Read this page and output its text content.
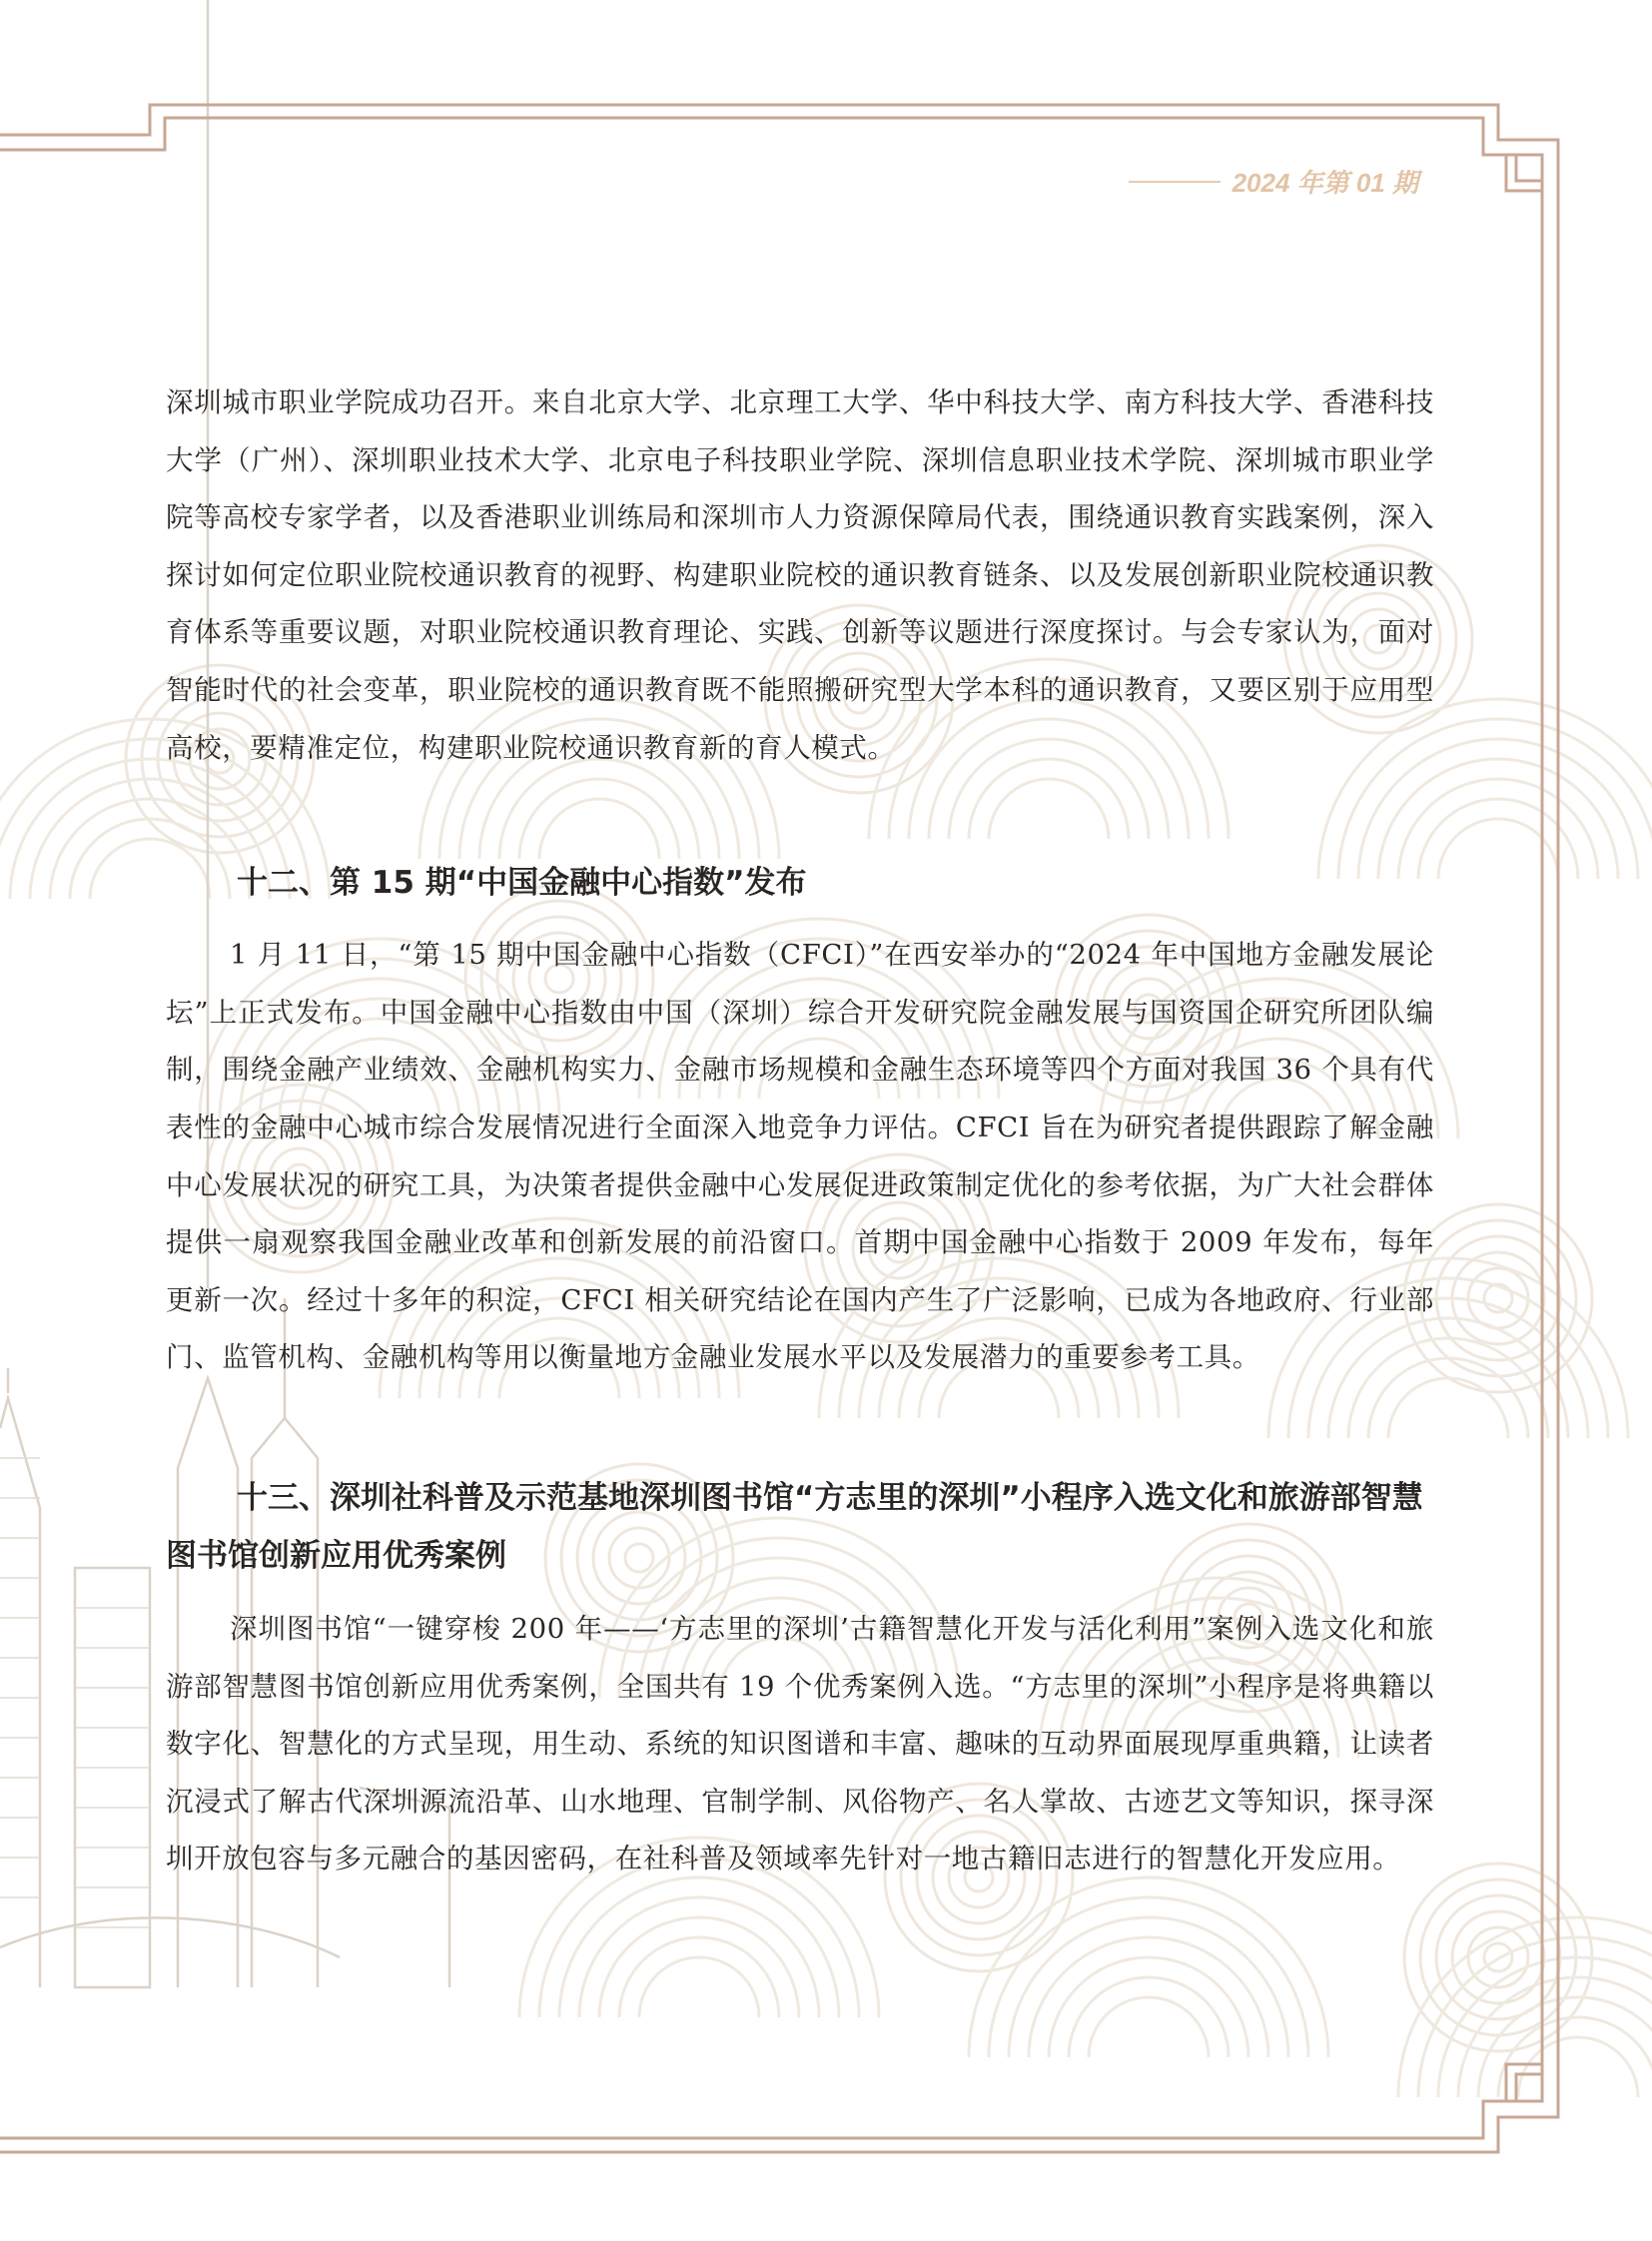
2024 年第 01 期

深圳城市职业学院成功召开。来自北京大学、北京理工大学、华中科技大学、南方科技大学、香港科技大学（广州）、深圳职业技术大学、北京电子科技职业学院、深圳信息职业技术学院、深圳城市职业学院等高校专家学者，以及香港职业训练局和深圳市人力资源保障局代表，围绕通识教育实践案例，深入探讨如何定位职业院校通识教育的视野、构建职业院校的通识教育链条、以及发展创新职业院校通识教育体系等重要议题，对职业院校通识教育理论、实践、创新等议题进行深度探讨。与会专家认为，面对智能时代的社会变革，职业院校的通识教育既不能照搬研究型大学本科的通识教育，又要区别于应用型高校，要精准定位，构建职业院校通识教育新的育人模式。

十二、第 15 期“中国金融中心指数”发布

1 月 11 日，“第 15 期中国金融中心指数（CFCI）”在西安举办的“2024 年中国地方金融发展论坛”上正式发布。中国金融中心指数由中国（深圳）综合开发研究院金融发展与国资国企研究所团队编制，围绕金融产业绩效、金融机构实力、金融市场规模和金融生态环境等四个方面对我国 36 个具有代表性的金融中心城市综合发展情况进行全面深入地竞争力评估。CFCI 旨在为研究者提供跟踪了解金融中心发展状况的研究工具，为决策者提供金融中心发展促进政策制定优化的参考依据，为广大社会群体提供一扇观察我国金融业改革和创新发展的前沿窗口。首期中国金融中心指数于 2009 年发布，每年更新一次。经过十多年的积淀，CFCI 相关研究结论在国内产生了广泛影响，已成为各地政府、行业部门、监管机构、金融机构等用以衡量地方金融业发展水平以及发展潜力的重要参考工具。

十三、深圳社科普及示范基地深圳图书馆“方志里的深圳”小程序入选文化和旅游部智慧图书馆创新应用优秀案例

深圳图书馆“一键穿梭 200 年——‘方志里的深圳’古籍智慧化开发与活化利用”案例入选文化和旅游部智慧图书馆创新应用优秀案例，全国共有 19 个优秀案例入选。“方志里的深圳”小程序是将典籍以数字化、智慧化的方式呈现，用生动、系统的知识图谱和丰富、趣味的互动界面展现厚重典籍，让读者沉浸式了解古代深圳源流沿革、山水地理、官制学制、风俗物产、名人掌故、古迹艺文等知识，探寻深圳开放包容与多元融合的基因密码，在社科普及领域率先针对一地古籍旧志进行的智慧化开发应用。
